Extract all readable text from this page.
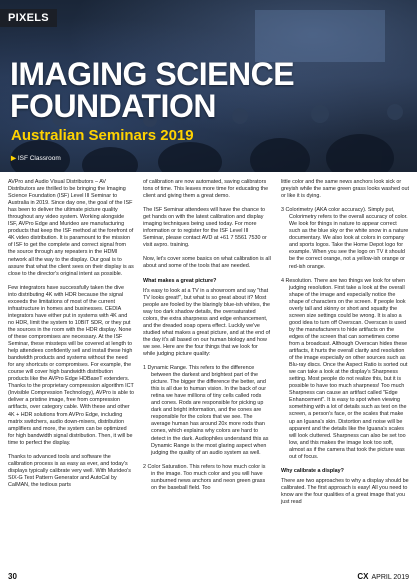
PIXELS
IMAGING SCIENCE
FOUNDATION
Australian Seminars 2019
▶ ISF Classroom

AVPro and Audio Visual Distributors – AV Distributors are thrilled to be bringing the Imaging Science Foundation (ISF) Level III Seminar to Australia in 2019. Since day one, the goal of the ISF has been to deliver the ultimate picture quality throughout any video system. Working alongside ISF, AVPro Edge and Murideo are manufacturing products that keep the ISF method at the forefront of 4K video distribution. It is paramount to the mission of ISF to get the complete and correct signal from the source through any repeaters in the HDMI network all the way to the display. Our goal is to assure that what the client sees on their display is as close to the director's original intent as possible.

Few integrators have successfully taken the dive into distributing 4K with HDR because the signal exceeds the limitations of most of the current infrastructure in homes and businesses. CEDIA integrators have either put in systems with 4K and no HDR, limit the system to 10BIT SDR, or they put the sources in the room with the HDR display. None of these compromises are necessary. At the ISF Seminar, these missteps will be covered at length to help attendees confidently sell and install these high bandwidth products and systems without the need for any shortcuts or compromises. For example, the course will cover high bandwidth distribution products like the AVPro Edge HDBaseT extenders. Thanks to the proprietary compression algorithm ICT (Invisible Compression Technology), AVPro is able to deliver a pristine image, free from compression artifacts, over category cable. With these and other 4K + HDR solutions from AVPro Edge, including matrix switchers, audio down-mixers, distribution amplifiers and more, the system can be optimized for high bandwidth signal distribution. Then, it will be time to perfect the display.

Thanks to advanced tools and software the calibration process is as easy as ever, and today's displays typically calibrate very well. With Murideo's SIX-G Test Pattern Generator and AutoCal by CalMAN, the tedious parts

of calibration are now automated, saving calibrators tons of time. This leaves more time for educating the client and giving them a great demo.

The ISF Seminar attendees will have the chance to get hands on with the latest calibration and display imaging techniques being used today. For more information or to register for the ISF Level III Seminar, please contact AVD at +61 7 5561 7530 or visit avpro. training.

Now, let's cover some basics on what calibration is all about and some of the tools that are needed.

What makes a great picture?

It's easy to look at a TV in a showroom and say "that TV looks great!", but what is so great about it? Most people are fooled by the blaringly blue-ish whites, the way too dark shadow details, the oversaturated colors, the extra sharpness and edge enhancement, and the dreaded soap opera effect. Luckily we've studied what makes a great picture, and at the end of the day it's all based on our human biology and how we see. Here are the four things that we look for while judging picture quality:

1 Dynamic Range. This refers to the difference between the darkest and brightest part of the picture. The bigger the difference the better, and this is all due to human vision. In the back of our retina we have millions of tiny cells called rods and cones. Rods are responsible for picking up dark and bright information, and the cones are responsible for the colors that we see. The average human has around 20x more rods than cones, which explains why colors are hard to detect in the dark. Audiophiles understand this as Dynamic Range is the most glaring aspect when judging the quality of an audio system as well.

2 Color Saturation. This refers to how much color is in the image. Too much color and you will have sunburned news anchors and neon green grass on the baseball field. Too

little color and the same news anchors look sick or greyish while the same green grass looks washed out or like it is dying.

3 Colorimetry (AKA color accuracy). Simply put, Colorimetry refers to the overall accuracy of color. We look for things in nature to appear correct such as the blue sky or the white snow in a nature documentary. We also look at colors in company and sports logos. Take the Home Depot logo for example. When you see the logo on TV it should be the correct orange, not a yellow-ish orange or red-ish orange.

4 Resolution. There are two things we look for when judging resolution. First take a look at the overall shape of the image and especially notice the shape of characters on the screen. If people look overly tall and skinny or short and squatty the screen size settings could be wrong. It is also a good idea to turn off Overscan. Overscan is used by the manufacturers to hide artifacts on the edges of the screen that can sometimes come from a broadcast. Although Overscan hides these artifacts, it hurts the overall clarity and resolution of the image especially on other sources such as Blu-ray discs. Once the Aspect Ratio is sorted out we can take a look at the display's Sharpness setting. Most people do not realize this, but it is possible to have too much sharpness! Too much Sharpness can cause an artifact called "Edge Enhancement". It is easy to spot when viewing something with a lot of details such as text on the screen, a person's face, or the scales that make up an Iguana's skin. Distortion and noise will be apparent and the details like the Iguana's scales will look cluttered. Sharpness can also be set too low, and this makes the image look too soft, almost as if the camera that took the picture was out of focus.

Why calibrate a display?

There are two approaches to why a display should be calibrated. The first approach is easy! All you need to know are the four qualities of a great image that you just read

30	CX APRIL 2019
